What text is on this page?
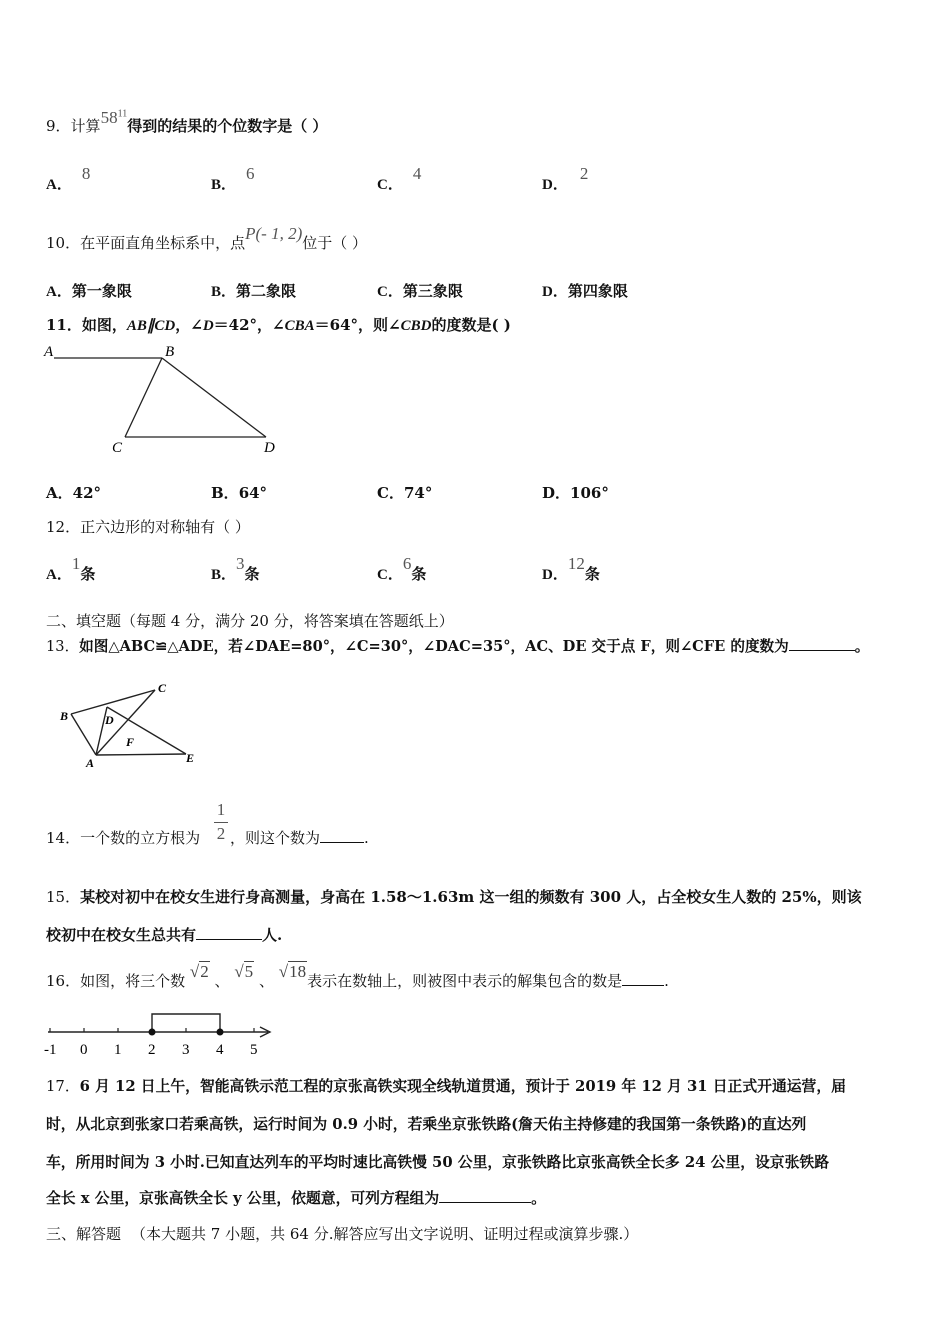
9．计算$58^{11}$得到的结果的个位数字是（ ）
A．8
B．6
C．4
D．2
10．在平面直角坐标系中，点P(- 1, 2)位于（ ）
A．第一象限	B．第二象限	C．第三象限	D．第四象限
11．如图，AB∥CD，∠D＝42°，∠CBA＝64°，则∠CBD的度数是( )
A	B
C	D
A．42°	B．64°	C．74°	D．106°
12．正六边形的对称轴有（ ）
A．1条	B．3条	C．6条	D．12条
二、填空题（每题 4 分，满分 20 分，将答案填在答题纸上）
13．如图△ABC≌△ADE，若∠DAE=80°，∠C=30°，∠DAC=35°，AC、DE 交于点 F，则∠CFE 的度数为	。
B
C
D
F
A	E
14．一个数的立方根为
1
2 ，则这个数为	.
15．某校对初中在校女生进行身高测量，身高在 1.58～1.63m 这一组的频数有 300 人，占全校女生人数的 25%，则该
校初中在校女生总共有	人.
16．如图，将三个数 √2 、 √5 、 √18表示在数轴上，则被图中表示的解集包含的数是	.
-1 0 1 2 3 4 5
17．6 月 12 日上午，智能高铁示范工程的京张高铁实现全线轨道贯通，预计于 2019 年 12 月 31 日正式开通运营，届
时，从北京到张家口若乘高铁，运行时间为 0.9 小时，若乘坐京张铁路(詹天佑主持修建的我国第一条铁路)的直达列
车，所用时间为 3 小时.已知直达列车的平均时速比高铁慢 50 公里，京张铁路比京张高铁全长多 24 公里，设京张铁路
全长 x 公里，京张高铁全长 y 公里，依题意，可列方程组为	。
三、解答题 （本大题共 7 小题，共 64 分.解答应写出文字说明、证明过程或演算步骤.）
